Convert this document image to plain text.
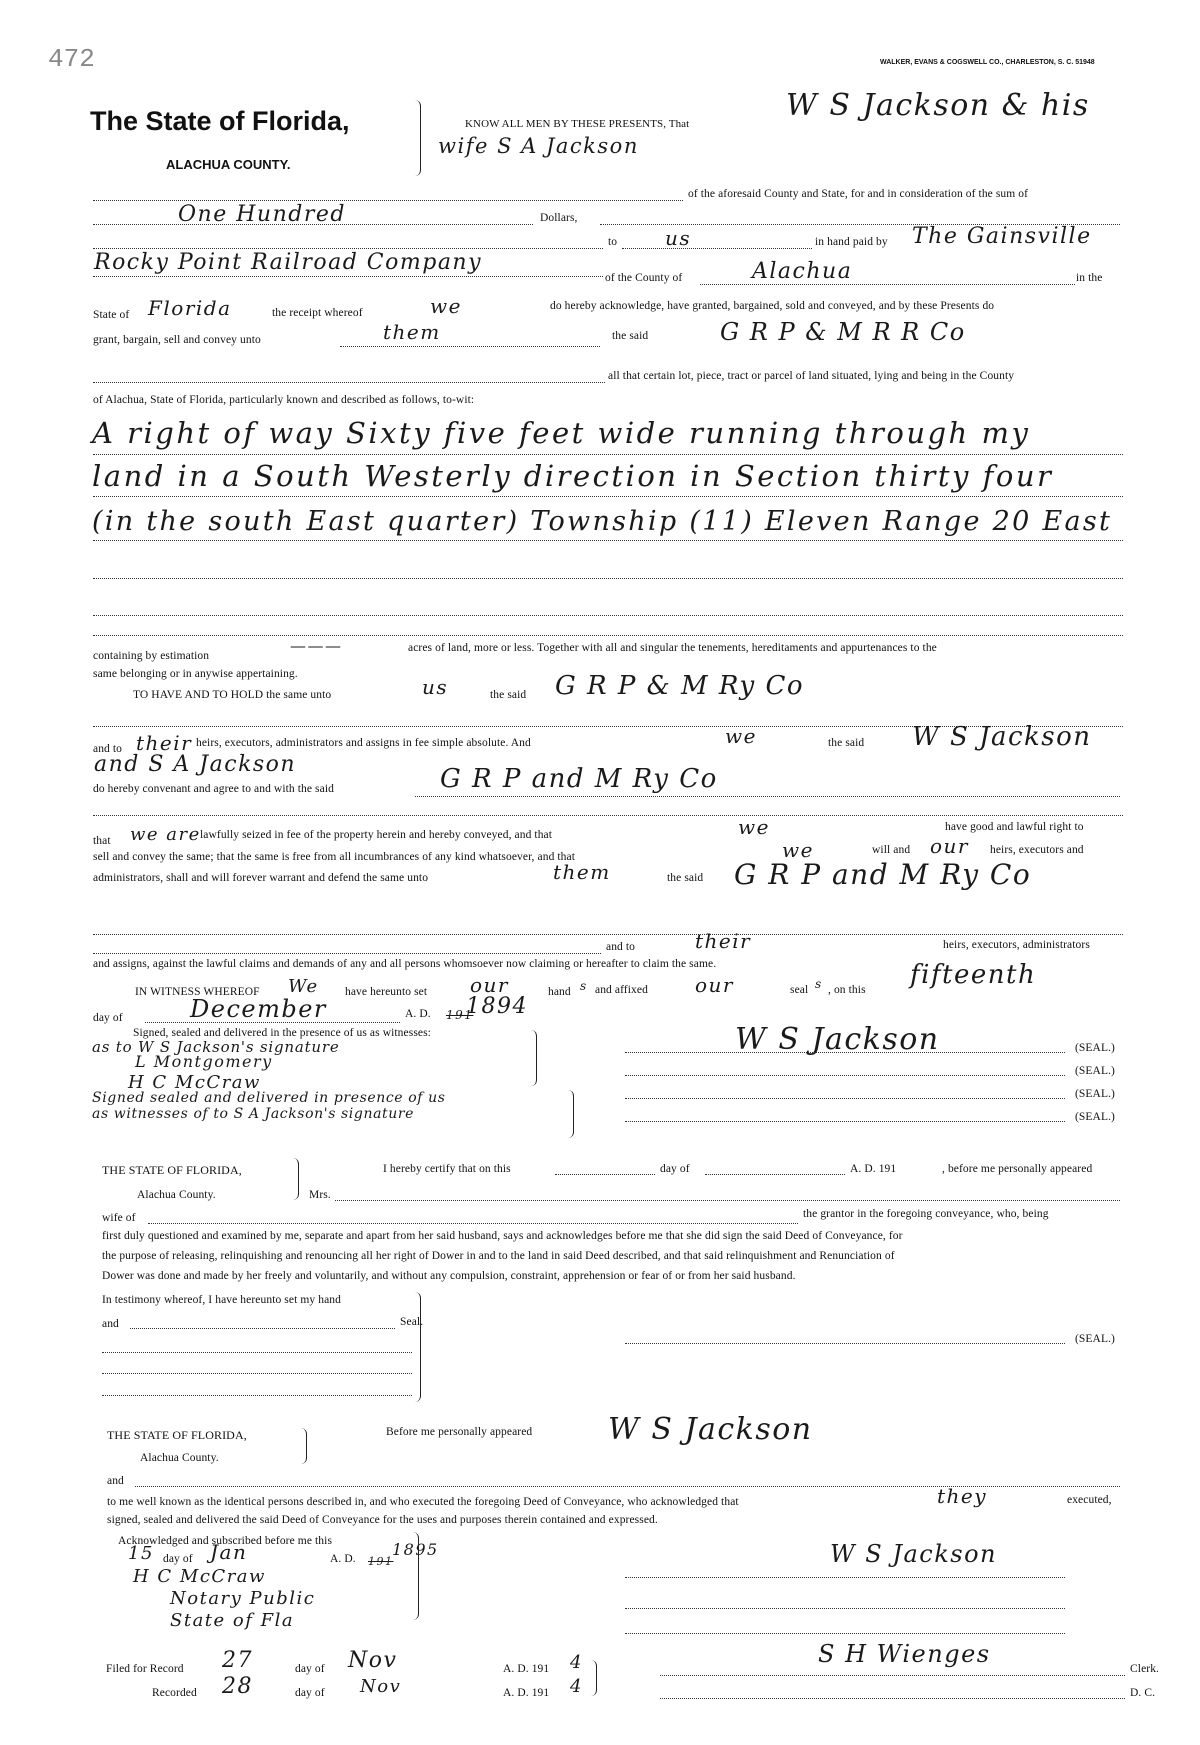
472	WALKER, EVANS & COGSWELL CO., CHARLESTON, S. C. 51948
The State of Florida,
ALACHUA COUNTY.
KNOW ALL MEN BY THESE PRESENTS, That
W S Jackson & his
wife S A Jackson
of the aforesaid County and State, for and in consideration of the sum of
One Hundred	Dollars,
to us	in hand paid by The Gainsville
Rocky Point Railroad Company
of the County of	Alachua	in the
State of Florida	the receipt whereof	we	do hereby acknowledge, have granted, bargained, sold and conveyed, and by these Presents do
grant, bargain, sell and convey unto	them	the said	G R P & M R R Co
all that certain lot, piece, tract or parcel of land situated, lying and being in the County
of Alachua, State of Florida, particularly known and described as follows, to-wit:
A right of way Sixty five feet wide running through my
land in a South Westerly direction in Section thirty four
(in the south East quarter) Township (11) Eleven Range 20 East
containing by estimation
———	acres of land, more or less. Together with all and singular the tenements, hereditaments and appurtenances to the
same belonging or in anywise appertaining.
TO HAVE AND TO HOLD the same unto	us	the said G R P & M Ry Co
and to their heirs, executors, administrators and assigns in fee simple absolute. And	we	the said W S Jackson
and S A Jackson
do hereby convenant and agree to and with the said	G R P and M Ry Co
that we are lawfully seized in fee of the property herein and hereby conveyed, and that	we	have good and lawful right to
sell and convey the same; that the same is free from all incumbrances of any kind whatsoever, and that	we	will and our heirs, executors and
administrators, shall and will forever warrant and defend the same unto	them	the said G R P and M Ry Co
and to	their	heirs, executors, administrators
and assigns, against the lawful claims and demands of any and all persons whomsoever now claiming or hereafter to claim the same.
IN WITNESS WHEREOF We have hereunto set our	hand s and affixed our	seal s , on this fifteenth
day of	December	A. D. 191
1894
Signed, sealed and delivered in the presence of us as witnesses:
as to W S Jackson's signature
L Montgomery
H C McCraw
Signed sealed and delivered in presence of us
as witnesses of to S A Jackson's signature
W S Jackson	(SEAL.)
(SEAL.)
(SEAL.)
(SEAL.)
THE STATE OF FLORIDA,
Alachua County.	Mrs.
I hereby certify that on this	day of	A. D. 191	, before me personally appeared
wife of	the grantor in the foregoing conveyance, who, being
first duly questioned and examined by me, separate and apart from her said husband, says and acknowledges before me that she did sign the said Deed of Conveyance, for
the purpose of releasing, relinquishing and renouncing all her right of Dower in and to the land in said Deed described, and that said relinquishment and Renunciation of
Dower was done and made by her freely and voluntarily, and without any compulsion, constraint, apprehension or fear of or from her said husband.
In testimony whereof, I have hereunto set my hand
and	Seal.
(SEAL.)
THE STATE OF FLORIDA,
Alachua County.
Before me personally appeared	W S Jackson
and
to me well known as the identical persons described in, and who executed the foregoing Deed of Conveyance, who acknowledged that	they	executed,
signed, sealed and delivered the said Deed of Conveyance for the uses and purposes therein contained and expressed.
Acknowledged and subscribed before me this
15 day of Jan	A. D. 191
1895
H C McCraw
Notary Public
State of Fla
W S Jackson
Filed for Record 27	day of Nov	A. D. 191 4
Recorded 28	day of Nov	A. D. 191 4
S H Wienges
Clerk.
D. C.
